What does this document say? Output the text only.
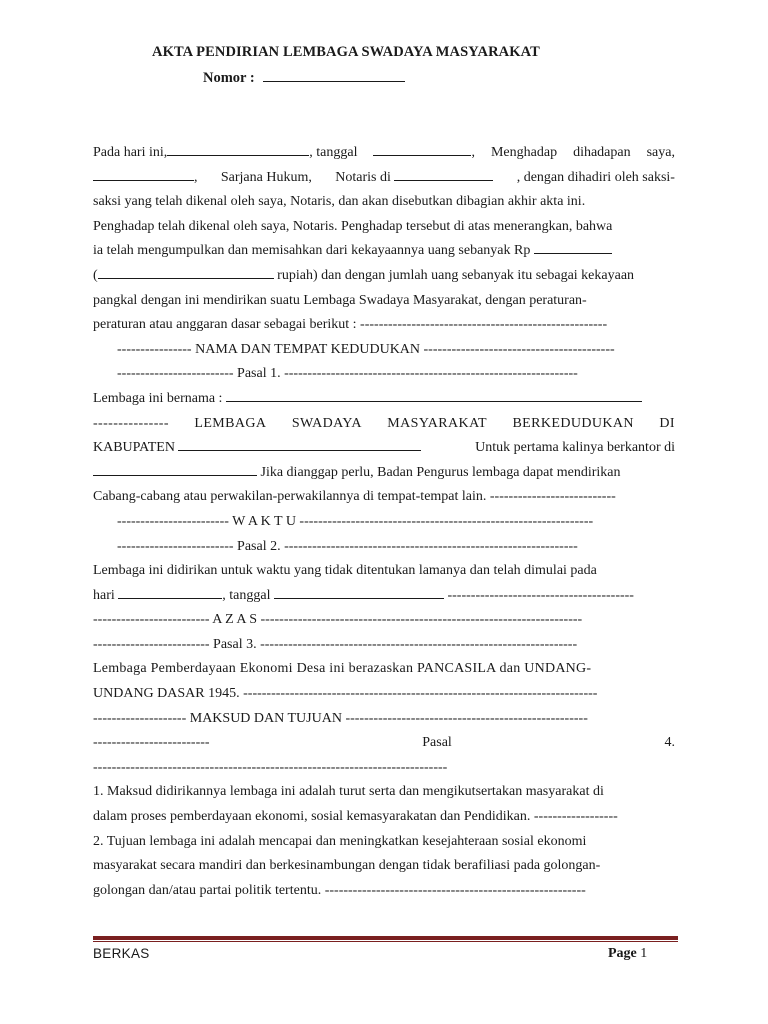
AKTA PENDIRIAN LEMBAGA SWADAYA MASYARAKAT
Nomor :
Pada hari ini,	, tanggal	, Menghadap dihadapan saya,
, Sarjana Hukum, Notaris di	, dengan dihadiri oleh saksi-
saksi yang telah dikenal oleh saya, Notaris, dan akan disebutkan dibagian akhir akta ini.
Penghadap telah dikenal oleh saya, Notaris. Penghadap tersebut di atas menerangkan, bahwa
ia telah mengumpulkan dan memisahkan dari kekayaannya uang sebanyak Rp
(	rupiah) dan dengan jumlah uang sebanyak itu sebagai kekayaan
pangkal dengan ini mendirikan suatu Lembaga Swadaya Masyarakat, dengan peraturan-
peraturan atau anggaran dasar sebagai berikut : -----------------------------------------------------
---------------- NAMA DAN TEMPAT KEDUDUKAN -----------------------------------------
------------------------- Pasal 1. ---------------------------------------------------------------
Lembaga ini bernama :
--------------- LEMBAGA SWADAYA MASYARAKAT BERKEDUDUKAN DI
KABUPATEN	Untuk pertama kalinya berkantor di
Jika dianggap perlu, Badan Pengurus lembaga dapat mendirikan
Cabang-cabang atau perwakilan-perwakilannya di tempat-tempat lain. ---------------------------
------------------------ W A K T U ---------------------------------------------------------------
------------------------- Pasal 2. ---------------------------------------------------------------
Lembaga ini didirikan untuk waktu yang tidak ditentukan lamanya dan telah dimulai pada
hari	, tanggal	----------------------------------------
------------------------- A Z A S ---------------------------------------------------------------------
------------------------- Pasal 3. --------------------------------------------------------------------
Lembaga Pemberdayaan Ekonomi Desa ini berazaskan PANCASILA dan UNDANG-
UNDANG DASAR 1945. ----------------------------------------------------------------------------
-------------------- MAKSUD DAN TUJUAN ----------------------------------------------------
-------------------------	Pasal	4.
----------------------------------------------------------------------------
1. Maksud didirikannya lembaga ini adalah turut serta dan mengikutsertakan masyarakat di
dalam proses pemberdayaan ekonomi, sosial kemasyarakatan dan Pendidikan. ------------------
2. Tujuan lembaga ini adalah mencapai dan meningkatkan kesejahteraan sosial ekonomi
masyarakat secara mandiri dan berkesinambungan dengan tidak berafiliasi pada golongan-
golongan dan/atau partai politik tertentu. --------------------------------------------------------
BERKAS	Page 1
